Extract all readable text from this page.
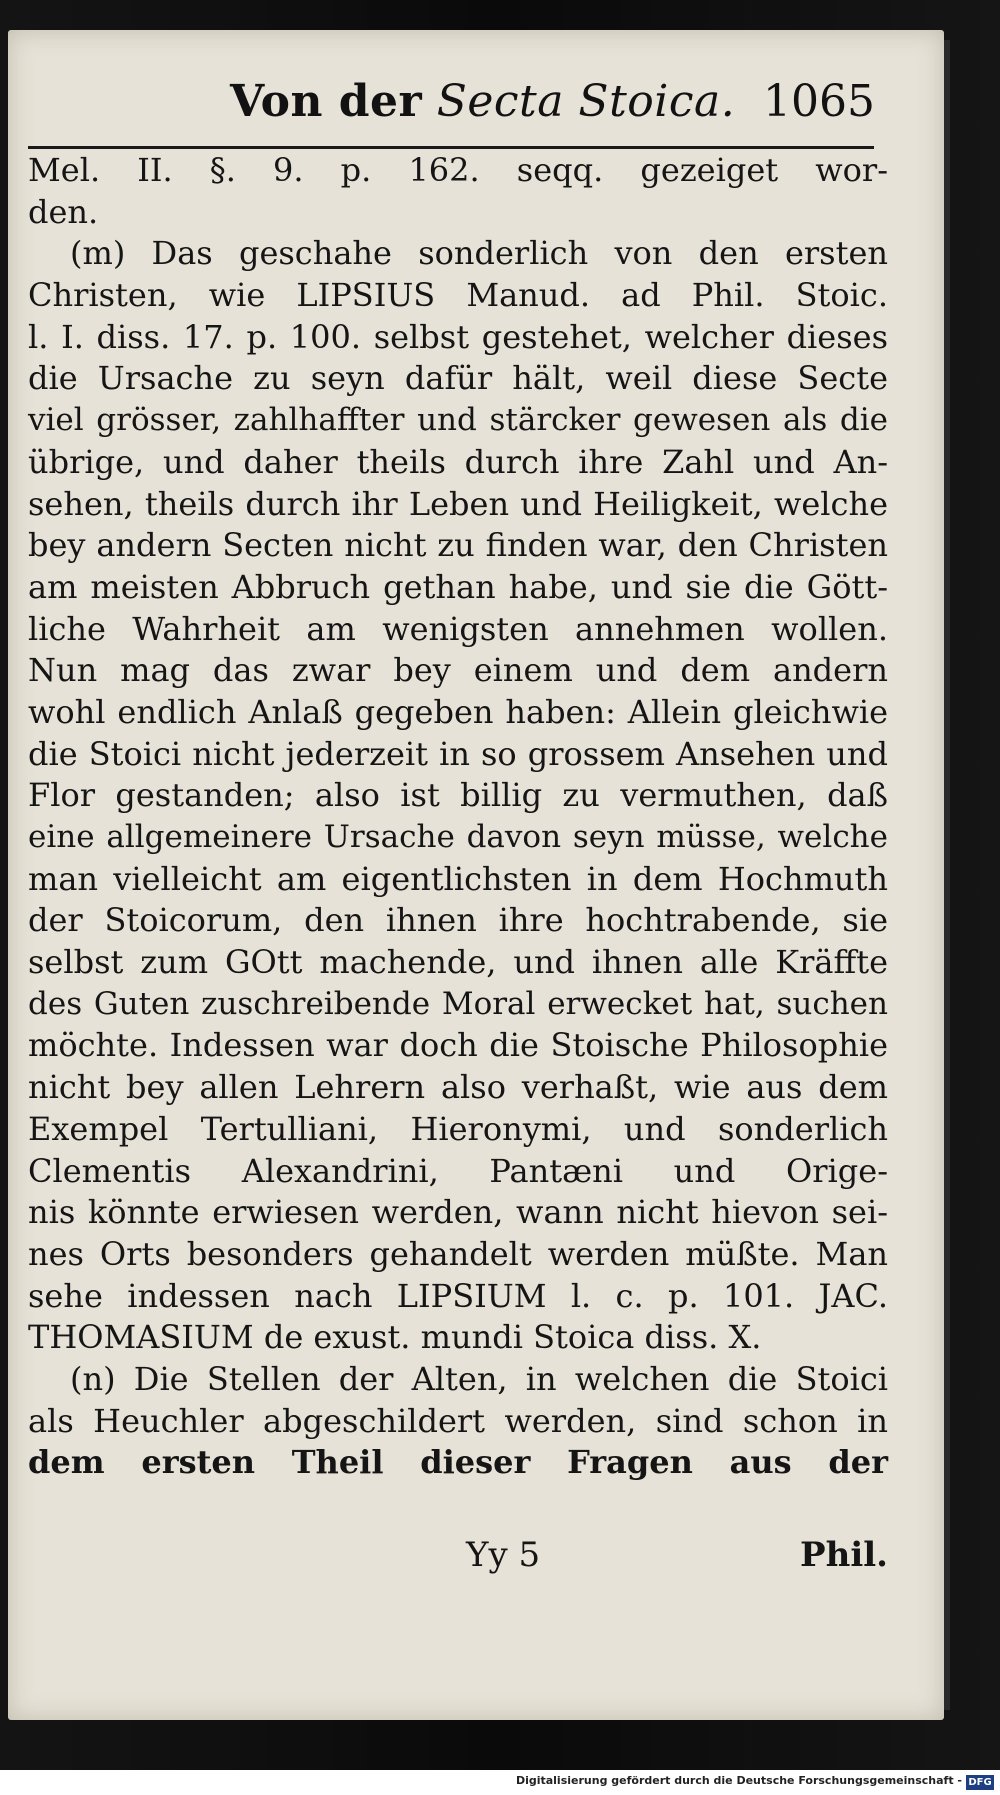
Von der Secta Stoica. 1065
Mel. II. §. 9. p. 162. seqq. gezeiget wor-
den.
(m) Das geschahe sonderlich von den ersten
Christen, wie LIPSIUS Manud. ad Phil. Stoic.
l. I. diss. 17. p. 100. selbst gestehet, welcher dieses
die Ursache zu seyn dafür hält, weil diese Secte
viel grösser, zahlhaffter und stärcker gewesen als die
übrige, und daher theils durch ihre Zahl und An-
sehen, theils durch ihr Leben und Heiligkeit, welche
bey andern Secten nicht zu finden war, den Christen
am meisten Abbruch gethan habe, und sie die Gött-
liche Wahrheit am wenigsten annehmen wollen.
Nun mag das zwar bey einem und dem andern
wohl endlich Anlaß gegeben haben: Allein gleichwie
die Stoici nicht jederzeit in so grossem Ansehen und
Flor gestanden; also ist billig zu vermuthen, daß
eine allgemeinere Ursache davon seyn müsse, welche
man vielleicht am eigentlichsten in dem Hochmuth
der Stoicorum, den ihnen ihre hochtrabende, sie
selbst zum GOtt machende, und ihnen alle Kräffte
des Guten zuschreibende Moral erwecket hat, suchen
möchte. Indessen war doch die Stoische Philosophie
nicht bey allen Lehrern also verhaßt, wie aus dem
Exempel Tertulliani, Hieronymi, und sonderlich
Clementis Alexandrini, Pantæni und Orige-
nis könnte erwiesen werden, wann nicht hievon sei-
nes Orts besonders gehandelt werden müßte. Man
sehe indessen nach LIPSIUM l. c. p. 101. JAC.
THOMASIUM de exust. mundi Stoica diss. X.
(n) Die Stellen der Alten, in welchen die Stoici
als Heuchler abgeschildert werden, sind schon in
dem ersten Theil dieser Fragen aus der
Yy 5	Phil.
Digitalisierung gefördert durch die Deutsche Forschungsgemeinschaft - DFG
